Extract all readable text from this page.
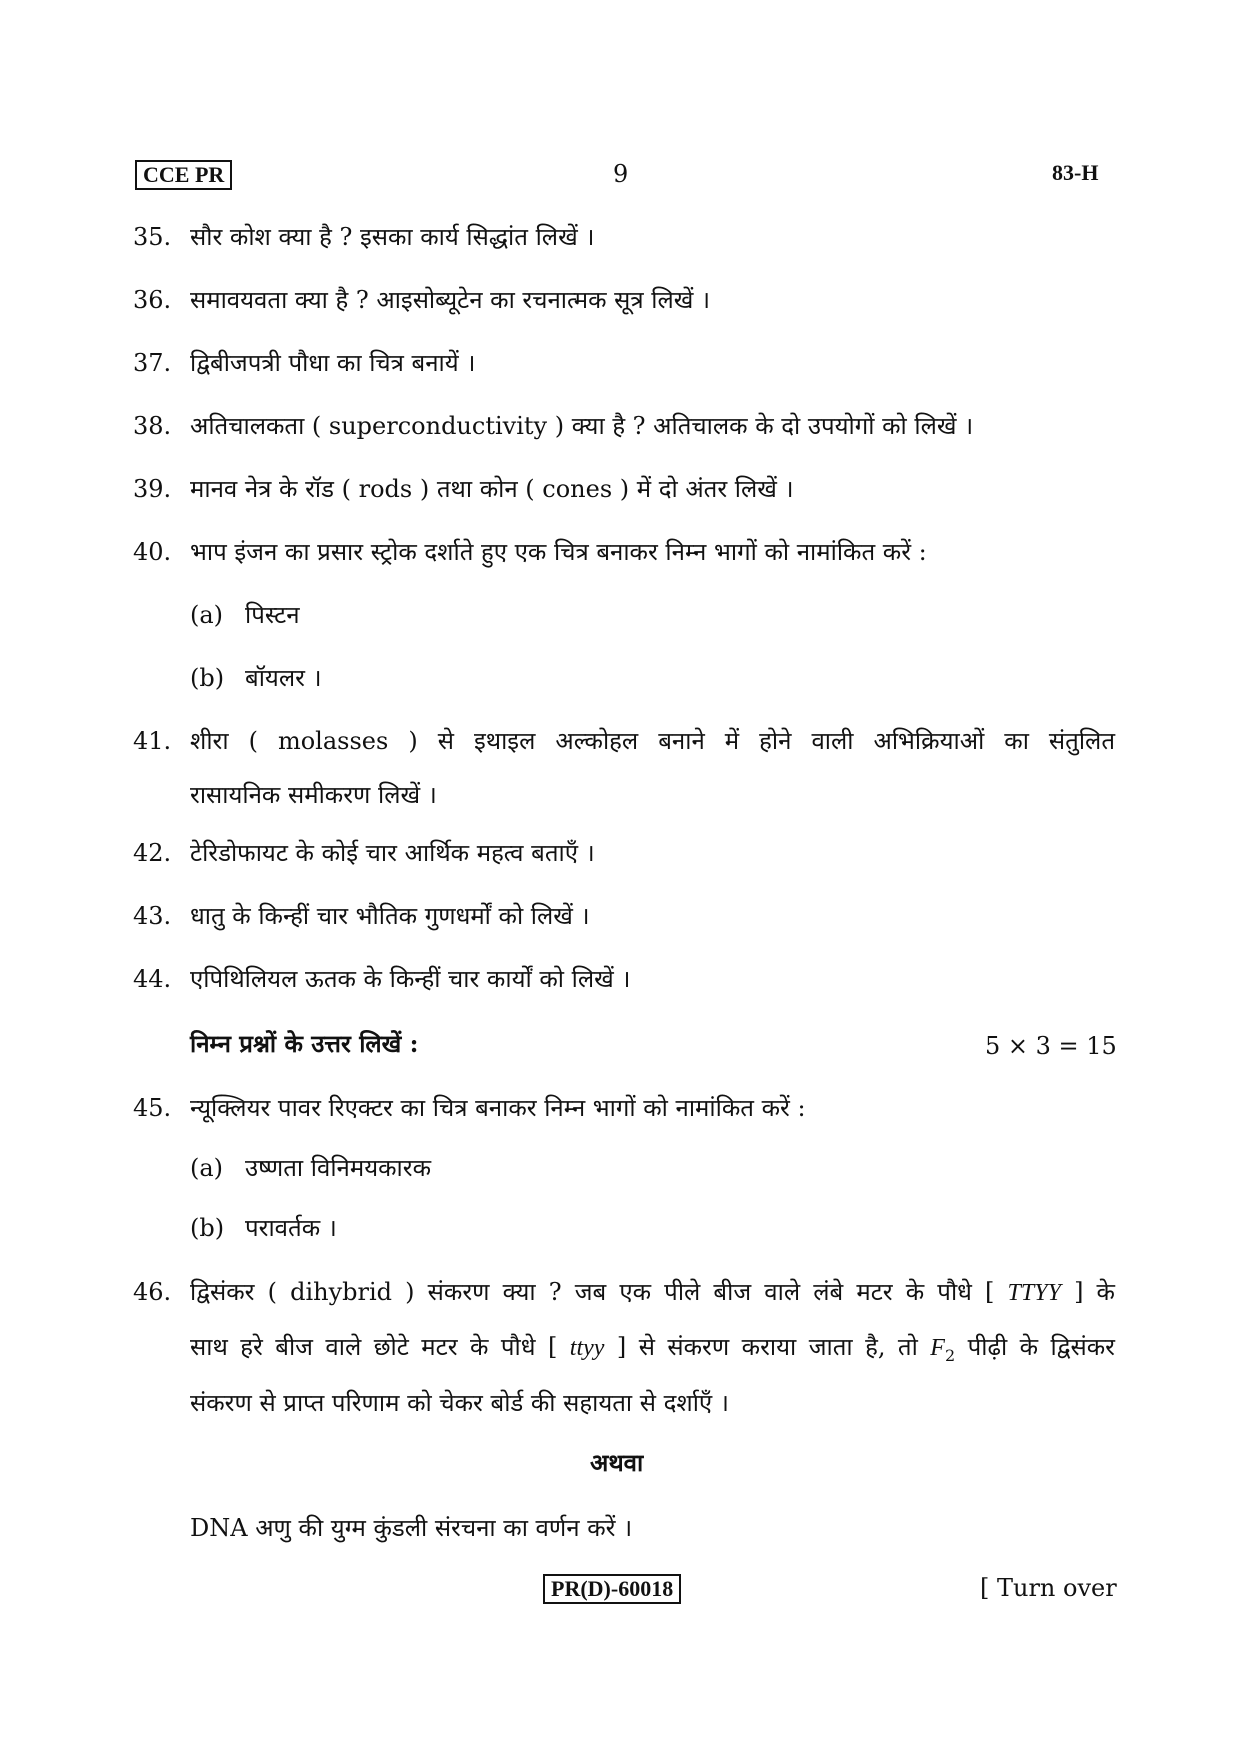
CCE PR	9	83-H
35. सौर कोश क्या है ? इसका कार्य सिद्धांत लिखें ।
36. समावयवता क्या है ? आइसोब्यूटेन का रचनात्मक सूत्र लिखें ।
37. द्विबीजपत्री पौधा का चित्र बनायें ।
38. अतिचालकता ( superconductivity ) क्या है ? अतिचालक के दो उपयोगों को लिखें ।
39. मानव नेत्र के रॉड ( rods ) तथा कोन ( cones ) में दो अंतर लिखें ।
40. भाप इंजन का प्रसार स्ट्रोक दर्शाते हुए एक चित्र बनाकर निम्न भागों को नामांकित करें :
(a) पिस्टन
(b) बॉयलर ।
41. शीरा ( molasses ) से इथाइल अल्कोहल बनाने में होने वाली अभिक्रियाओं का संतुलित
रासायनिक समीकरण लिखें ।
42. टेरिडोफायट के कोई चार आर्थिक महत्व बताएँ ।
43. धातु के किन्हीं चार भौतिक गुणधर्मों को लिखें ।
44. एपिथिलियल ऊतक के किन्हीं चार कार्यों को लिखें ।
निम्न प्रश्नों के उत्तर लिखें :	5 × 3 = 15
45. न्यूक्लियर पावर रिएक्टर का चित्र बनाकर निम्न भागों को नामांकित करें :
(a) उष्णता विनिमयकारक
(b) परावर्तक ।
46. द्विसंकर ( dihybrid ) संकरण क्या ? जब एक पीले बीज वाले लंबे मटर के पौधे [ TTYY ] के
साथ हरे बीज वाले छोटे मटर के पौधे [ ttyy ] से संकरण कराया जाता है, तो $F_2$ पीढ़ी के द्विसंकर
संकरण से प्राप्त परिणाम को चेकर बोर्ड की सहायता से दर्शाएँ ।
अथवा
DNA अणु की युग्म कुंडली संरचना का वर्णन करें ।
PR(D)-60018	[ Turn over
